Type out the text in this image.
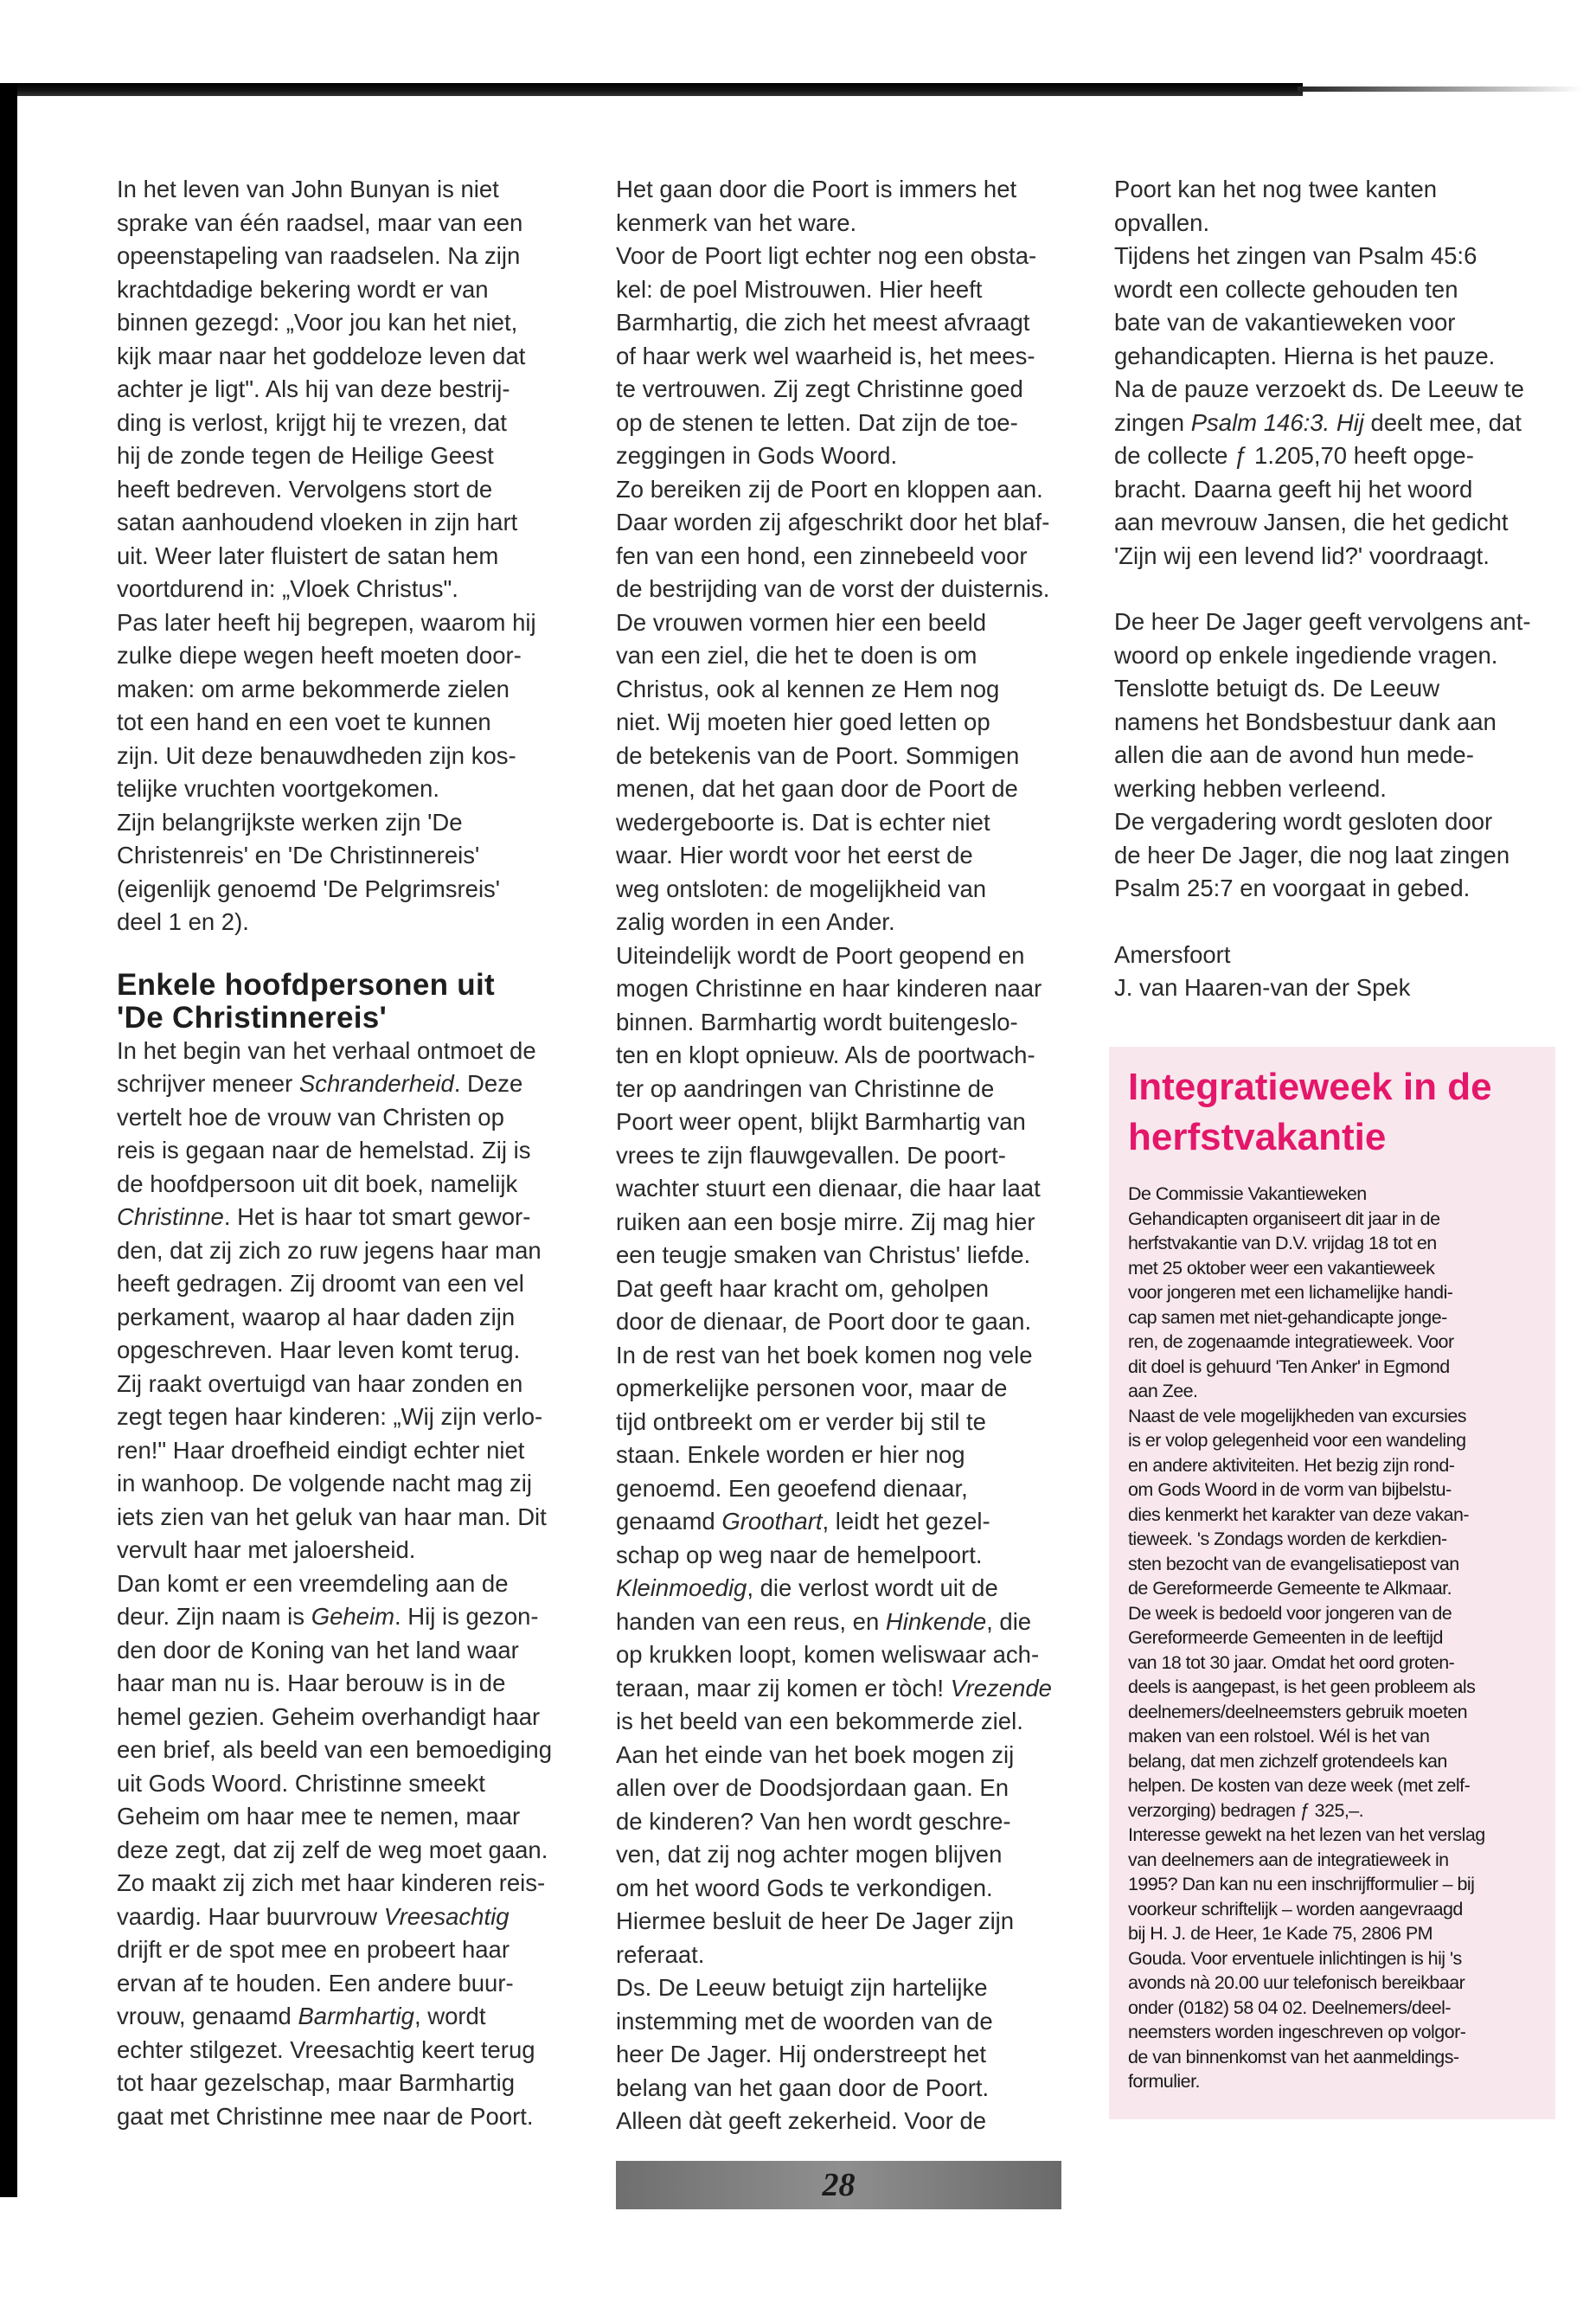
In het leven van John Bunyan is niet

sprake van één raadsel, maar van een

opeenstapeling van raadselen. Na zijn

krachtdadige bekering wordt er van

binnen gezegd: „Voor jou kan het niet,

kijk maar naar het goddeloze leven dat

achter je ligt". Als hij van deze bestrij-

ding is verlost, krijgt hij te vrezen, dat

hij de zonde tegen de Heilige Geest

heeft bedreven. Vervolgens stort de

satan aanhoudend vloeken in zijn hart

uit. Weer later fluistert de satan hem

voortdurend in: „Vloek Christus".

Pas later heeft hij begrepen, waarom hij

zulke diepe wegen heeft moeten door-

maken: om arme bekommerde zielen

tot een hand en een voet te kunnen

zijn. Uit deze benauwdheden zijn kos-

telijke vruchten voortgekomen.

Zijn belangrijkste werken zijn 'De

Christenreis' en 'De Christinnereis'

(eigenlijk genoemd 'De Pelgrimsreis'

deel 1 en 2).

Enkele hoofdpersonen uit
'De Christinnereis'

In het begin van het verhaal ontmoet de

schrijver meneer Schranderheid. Deze

vertelt hoe de vrouw van Christen op

reis is gegaan naar de hemelstad. Zij is

de hoofdpersoon uit dit boek, namelijk

Christinne. Het is haar tot smart gewor-

den, dat zij zich zo ruw jegens haar man

heeft gedragen. Zij droomt van een vel

perkament, waarop al haar daden zijn

opgeschreven. Haar leven komt terug.

Zij raakt overtuigd van haar zonden en

zegt tegen haar kinderen: „Wij zijn verlo-

ren!" Haar droefheid eindigt echter niet

in wanhoop. De volgende nacht mag zij

iets zien van het geluk van haar man. Dit

vervult haar met jaloersheid.

Dan komt er een vreemdeling aan de

deur. Zijn naam is Geheim. Hij is gezon-

den door de Koning van het land waar

haar man nu is. Haar berouw is in de

hemel gezien. Geheim overhandigt haar

een brief, als beeld van een bemoediging

uit Gods Woord. Christinne smeekt

Geheim om haar mee te nemen, maar

deze zegt, dat zij zelf de weg moet gaan.

Zo maakt zij zich met haar kinderen reis-

vaardig. Haar buurvrouw Vreesachtig

drijft er de spot mee en probeert haar

ervan af te houden. Een andere buur-

vrouw, genaamd Barmhartig, wordt

echter stilgezet. Vreesachtig keert terug

tot haar gezelschap, maar Barmhartig

gaat met Christinne mee naar de Poort.

Het gaan door die Poort is immers het

kenmerk van het ware.

Voor de Poort ligt echter nog een obsta-

kel: de poel Mistrouwen. Hier heeft

Barmhartig, die zich het meest afvraagt

of haar werk wel waarheid is, het mees-

te vertrouwen. Zij zegt Christinne goed

op de stenen te letten. Dat zijn de toe-

zeggingen in Gods Woord.

Zo bereiken zij de Poort en kloppen aan.

Daar worden zij afgeschrikt door het blaf-

fen van een hond, een zinnebeeld voor

de bestrijding van de vorst der duisternis.

De vrouwen vormen hier een beeld

van een ziel, die het te doen is om

Christus, ook al kennen ze Hem nog

niet. Wij moeten hier goed letten op

de betekenis van de Poort. Sommigen

menen, dat het gaan door de Poort de

wedergeboorte is. Dat is echter niet

waar. Hier wordt voor het eerst de

weg ontsloten: de mogelijkheid van

zalig worden in een Ander.

Uiteindelijk wordt de Poort geopend en

mogen Christinne en haar kinderen naar

binnen. Barmhartig wordt buitengeslo-

ten en klopt opnieuw. Als de poortwach-

ter op aandringen van Christinne de

Poort weer opent, blijkt Barmhartig van

vrees te zijn flauwgevallen. De poort-

wachter stuurt een dienaar, die haar laat

ruiken aan een bosje mirre. Zij mag hier

een teugje smaken van Christus' liefde.

Dat geeft haar kracht om, geholpen

door de dienaar, de Poort door te gaan.

In de rest van het boek komen nog vele

opmerkelijke personen voor, maar de

tijd ontbreekt om er verder bij stil te

staan. Enkele worden er hier nog

genoemd. Een geoefend dienaar,

genaamd Groothart, leidt het gezel-

schap op weg naar de hemelpoort.

Kleinmoedig, die verlost wordt uit de

handen van een reus, en Hinkende, die

op krukken loopt, komen weliswaar ach-

teraan, maar zij komen er tòch! Vrezende

is het beeld van een bekommerde ziel.

Aan het einde van het boek mogen zij

allen over de Doodsjordaan gaan. En

de kinderen? Van hen wordt geschre-

ven, dat zij nog achter mogen blijven

om het woord Gods te verkondigen.

Hiermee besluit de heer De Jager zijn

referaat.

Ds. De Leeuw betuigt zijn hartelijke

instemming met de woorden van de

heer De Jager. Hij onderstreept het

belang van het gaan door de Poort.

Alleen dàt geeft zekerheid. Voor de

Poort kan het nog twee kanten

opvallen.

Tijdens het zingen van Psalm 45:6

wordt een collecte gehouden ten

bate van de vakantieweken voor

gehandicapten. Hierna is het pauze.

Na de pauze verzoekt ds. De Leeuw te

zingen Psalm 146:3. Hij deelt mee, dat

de collecte ƒ 1.205,70 heeft opge-

bracht. Daarna geeft hij het woord

aan mevrouw Jansen, die het gedicht

'Zijn wij een levend lid?' voordraagt.

De heer De Jager geeft vervolgens ant-

woord op enkele ingediende vragen.

Tenslotte betuigt ds. De Leeuw

namens het Bondsbestuur dank aan

allen die aan de avond hun mede-

werking hebben verleend.

De vergadering wordt gesloten door

de heer De Jager, die nog laat zingen

Psalm 25:7 en voorgaat in gebed.

Amersfoort

J. van Haaren-van der Spek

Integratieweek in de
herfstvakantie

De Commissie Vakantieweken

Gehandicapten organiseert dit jaar in de

herfstvakantie van D.V. vrijdag 18 tot en

met 25 oktober weer een vakantieweek

voor jongeren met een lichamelijke handi-

cap samen met niet-gehandicapte jonge-

ren, de zogenaamde integratieweek. Voor

dit doel is gehuurd 'Ten Anker' in Egmond

aan Zee.

Naast de vele mogelijkheden van excursies

is er volop gelegenheid voor een wandeling

en andere aktiviteiten. Het bezig zijn rond-

om Gods Woord in de vorm van bijbelstu-

dies kenmerkt het karakter van deze vakan-

tieweek. 's Zondags worden de kerkdien-

sten bezocht van de evangelisatiepost van

de Gereformeerde Gemeente te Alkmaar.

De week is bedoeld voor jongeren van de

Gereformeerde Gemeenten in de leeftijd

van 18 tot 30 jaar. Omdat het oord groten-

deels is aangepast, is het geen probleem als

deelnemers/deelneemsters gebruik moeten

maken van een rolstoel. Wél is het van

belang, dat men zichzelf grotendeels kan

helpen. De kosten van deze week (met zelf-

verzorging) bedragen ƒ 325,–.

Interesse gewekt na het lezen van het verslag

van deelnemers aan de integratieweek in

1995? Dan kan nu een inschrijfformulier – bij

voorkeur schriftelijk – worden aangevraagd

bij H. J. de Heer, 1e Kade 75, 2806 PM

Gouda. Voor erventuele inlichtingen is hij 's

avonds nà 20.00 uur telefonisch bereikbaar

onder (0182) 58 04 02. Deelnemers/deel-

neemsters worden ingeschreven op volgor-

de van binnenkomst van het aanmeldings-

formulier.

28
